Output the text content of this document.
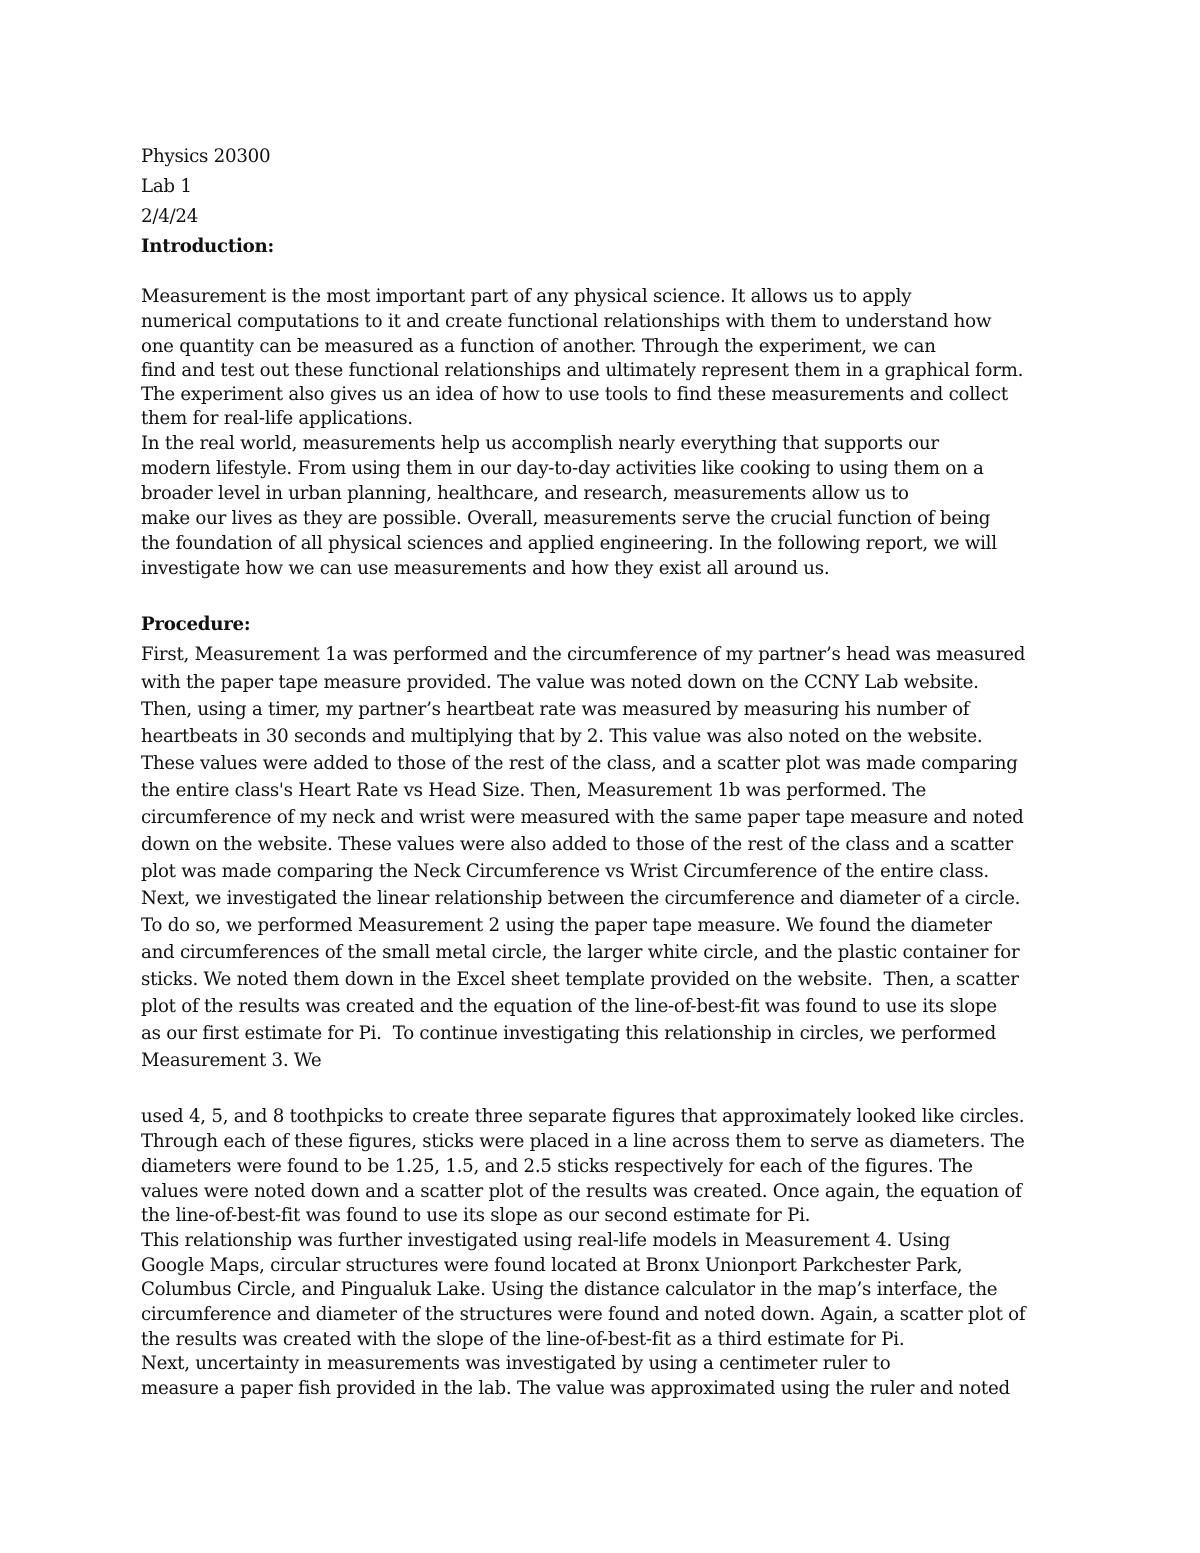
Physics 20300
Lab 1
2/4/24
Introduction:
Measurement is the most important part of any physical science. It allows us to apply
numerical computations to it and create functional relationships with them to understand how
one quantity can be measured as a function of another. Through the experiment, we can
find and test out these functional relationships and ultimately represent them in a graphical form.
The experiment also gives us an idea of how to use tools to find these measurements and collect
them for real-life applications.
In the real world, measurements help us accomplish nearly everything that supports our
modern lifestyle. From using them in our day-to-day activities like cooking to using them on a
broader level in urban planning, healthcare, and research, measurements allow us to
make our lives as they are possible. Overall, measurements serve the crucial function of being
the foundation of all physical sciences and applied engineering. In the following report, we will
investigate how we can use measurements and how they exist all around us.
Procedure:
First, Measurement 1a was performed and the circumference of my partner’s head was measured
with the paper tape measure provided. The value was noted down on the CCNY Lab website.
Then, using a timer, my partner’s heartbeat rate was measured by measuring his number of
heartbeats in 30 seconds and multiplying that by 2. This value was also noted on the website.
These values were added to those of the rest of the class, and a scatter plot was made comparing
the entire class's Heart Rate vs Head Size. Then, Measurement 1b was performed. The
circumference of my neck and wrist were measured with the same paper tape measure and noted
down on the website. These values were also added to those of the rest of the class and a scatter
plot was made comparing the Neck Circumference vs Wrist Circumference of the entire class.
Next, we investigated the linear relationship between the circumference and diameter of a circle.
To do so, we performed Measurement 2 using the paper tape measure. We found the diameter
and circumferences of the small metal circle, the larger white circle, and the plastic container for
sticks. We noted them down in the Excel sheet template provided on the website.  Then, a scatter
plot of the results was created and the equation of the line-of-best-fit was found to use its slope
as our first estimate for Pi.  To continue investigating this relationship in circles, we performed
Measurement 3. We
used 4, 5, and 8 toothpicks to create three separate figures that approximately looked like circles.
Through each of these figures, sticks were placed in a line across them to serve as diameters. The
diameters were found to be 1.25, 1.5, and 2.5 sticks respectively for each of the figures. The
values were noted down and a scatter plot of the results was created. Once again, the equation of
the line-of-best-fit was found to use its slope as our second estimate for Pi.
This relationship was further investigated using real-life models in Measurement 4. Using
Google Maps, circular structures were found located at Bronx Unionport Parkchester Park,
Columbus Circle, and Pingualuk Lake. Using the distance calculator in the map’s interface, the
circumference and diameter of the structures were found and noted down. Again, a scatter plot of
the results was created with the slope of the line-of-best-fit as a third estimate for Pi.
Next, uncertainty in measurements was investigated by using a centimeter ruler to
measure a paper fish provided in the lab. The value was approximated using the ruler and noted
